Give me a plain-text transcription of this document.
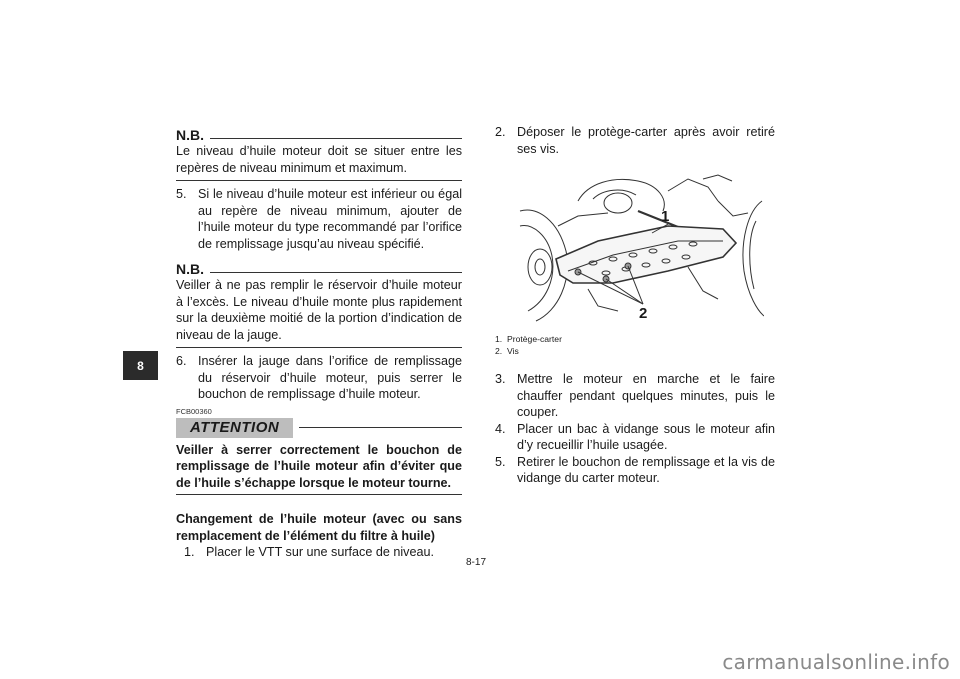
8
N.B.
Le niveau d’huile moteur doit se situer entre les repères de niveau minimum et maximum.
5. Si le niveau d’huile moteur est inférieur ou égal au repère de niveau minimum, ajouter de l’huile moteur du type recommandé par l’orifice de remplissage jusqu’au niveau spécifié.
N.B.
Veiller à ne pas remplir le réservoir d’huile moteur à l’excès. Le niveau d’huile monte plus rapidement sur la deuxième moitié de la portion d’indication de niveau de la jauge.
6. Insérer la jauge dans l’orifice de remplissage du réservoir d’huile moteur, puis serrer le bouchon de remplissage d’huile moteur.
FCB00360
ATTENTION
Veiller à serrer correctement le bouchon de remplissage de l’huile moteur afin d’éviter que de l’huile s’échappe lorsque le moteur tourne.
Changement de l’huile moteur (avec ou sans remplacement de l’élément du filtre à huile)
1. Placer le VTT sur une surface de niveau.
2. Déposer le protège-carter après avoir retiré ses vis.
1
2
1. Protège-carter
2. Vis
3. Mettre le moteur en marche et le faire chauffer pendant quelques minutes, puis le couper.
4. Placer un bac à vidange sous le moteur afin d’y recueillir l’huile usagée.
5. Retirer le bouchon de remplissage et la vis de vidange du carter moteur.
8-17
carmanualsonline.info
